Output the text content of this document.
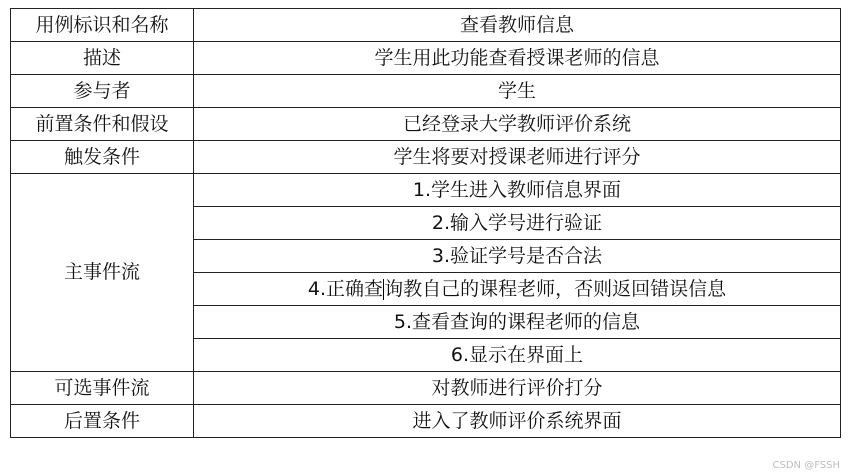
用例标识和名称	查看教师信息
描述	学生用此功能查看授课老师的信息
参与者	学生
前置条件和假设	已经登录大学教师评价系统
触发条件	学生将要对授课老师进行评分
主事件流	1.学生进入教师信息界面
	2.输入学号进行验证
	3.验证学号是否合法
	4.正确查询教自己的课程老师，否则返回错误信息
	5.查看查询的课程老师的信息
	6.显示在界面上
可选事件流	对教师进行评价打分
后置条件	进入了教师评价系统界面
CSDN @FSSH
